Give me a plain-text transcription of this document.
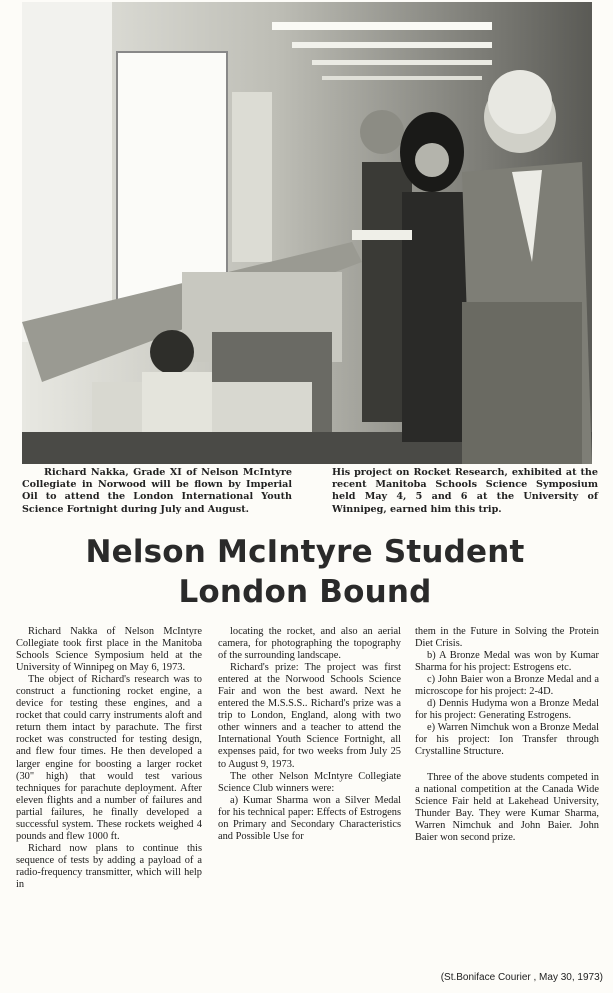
Richard Nakka, Grade XI of Nelson McIntyre Collegiate in Norwood will be flown by Imperial Oil to attend the London International Youth Science Fortnight during July and August.
His project on Rocket Research, exhibited at the recent Manitoba Schools Science Symposium held May 4, 5 and 6 at the University of Winnipeg, earned him this trip.
Nelson McIntyre Student
London Bound

Richard Nakka of Nelson McIntyre Collegiate took first place in the Manitoba Schools Science Symposium held at the University of Winnipeg on May 6, 1973.

The object of Richard's research was to construct a functioning rocket engine, a device for testing these engines, and a rocket that could carry instruments aloft and return them intact by parachute. The first rocket was constructed for testing design, and flew four times. He then developed a larger engine for boosting a larger rocket (30" high) that would test various techniques for parachute deployment. After eleven flights and a number of failures and partial failures, he finally developed a successful system. These rockets weighed 4 pounds and flew 1000 ft.

Richard now plans to continue this sequence of tests by adding a payload of a radio-frequency transmitter, which will help in

locating the rocket, and also an aerial camera, for photographing the topography of the surrounding landscape.

Richard's prize: The project was first entered at the Norwood Schools Science Fair and won the best award. Next he entered the M.S.S.S.. Richard's prize was a trip to London, England, along with two other winners and a teacher to attend the International Youth Science Fortnight, all expenses paid, for two weeks from July 25 to August 9, 1973.

The other Nelson McIntyre Collegiate Science Club winners were:

a) Kumar Sharma won a Silver Medal for his technical paper: Effects of Estrogens on Primary and Secondary Characteristics and Possible Use for

them in the Future in Solving the Protein Diet Crisis.

b) A Bronze Medal was won by Kumar Sharma for his project: Estrogens etc.

c) John Baier won a Bronze Medal and a microscope for his project: 2-4D.

d) Dennis Hudyma won a Bronze Medal for his project: Generating Estrogens.

e) Warren Nimchuk won a Bronze Medal for his project: Ion Transfer through Crystalline Structure.

Three of the above students competed in a national competition at the Canada Wide Science Fair held at Lakehead University, Thunder Bay. They were Kumar Sharma, Warren Nimchuk and John Baier. John Baier won second prize.

(St.Boniface Courier , May 30, 1973)
